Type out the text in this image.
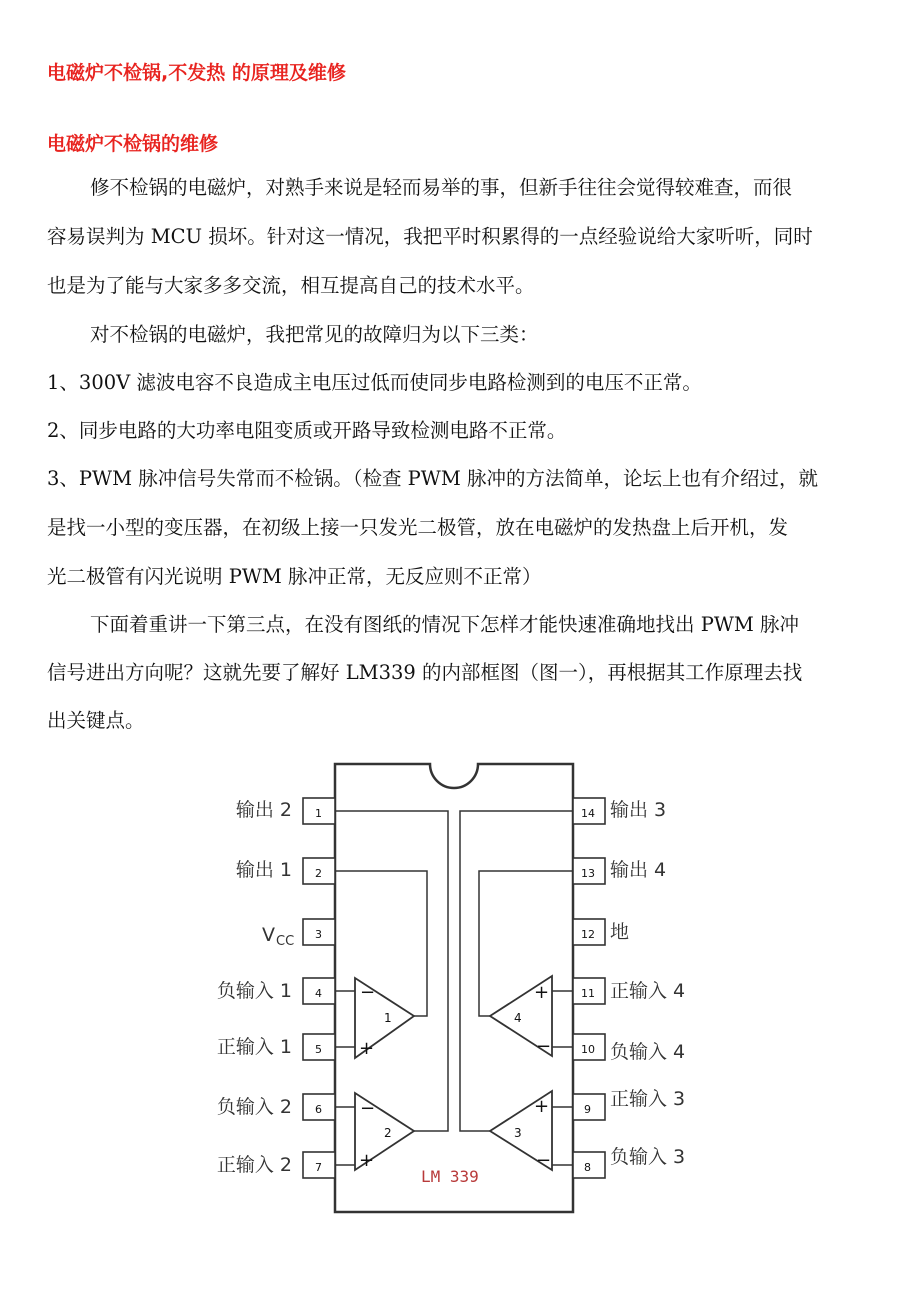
电磁炉不检锅,不发热 的原理及维修
电磁炉不检锅的维修
修不检锅的电磁炉，对熟手来说是轻而易举的事，但新手往往会觉得较难查，而很
容易误判为 MCU 损坏。针对这一情况，我把平时积累得的一点经验说给大家听听，同时
也是为了能与大家多多交流，相互提高自己的技术水平。
对不检锅的电磁炉，我把常见的故障归为以下三类：
1、300V 滤波电容不良造成主电压过低而使同步电路检测到的电压不正常。
2、同步电路的大功率电阻变质或开路导致检测电路不正常。
3、PWM 脉冲信号失常而不检锅。（检查 PWM 脉冲的方法简单，论坛上也有介绍过，就
是找一小型的变压器，在初级上接一只发光二极管，放在电磁炉的发热盘上后开机，发
光二极管有闪光说明 PWM 脉冲正常，无反应则不正常）
下面着重讲一下第三点，在没有图纸的情况下怎样才能快速准确地找出 PWM 脉冲
信号进出方向呢？这就先要了解好 LM339 的内部框图（图一），再根据其工作原理去找
出关键点。
1
2
3
4
5
6
7
14
13
12
11
10
9
8
输出 2
输出 1
V CC
负输入 1
正输入 1
负输入 2
正输入 2
输出 3
输出 4
地
正输入 4
负输入 4
正输入 3
负输入 3
−
+
1
−
+
2
+
−
3
+
−
4
LM 339
